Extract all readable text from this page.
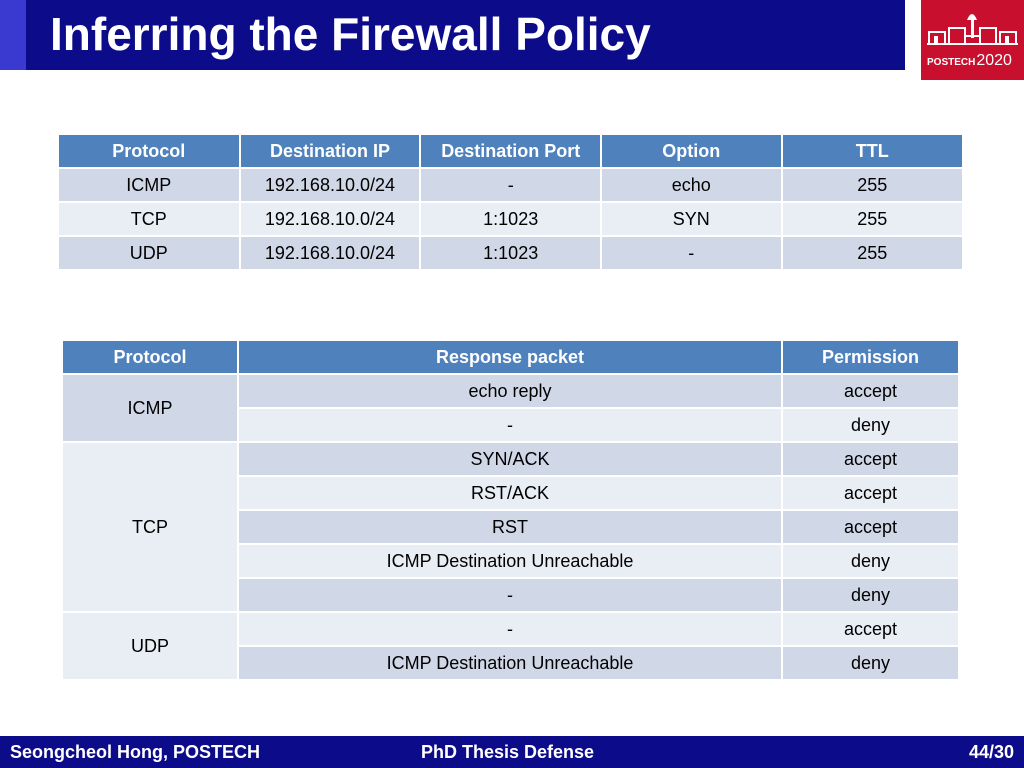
Inferring the Firewall Policy
POSTECH2020
Protocol	Destination IP	Destination Port	Option	TTL
ICMP	192.168.10.0/24	-	echo	255
TCP	192.168.10.0/24	1:1023	SYN	255
UDP	192.168.10.0/24	1:1023	-	255
Protocol	Response packet	Permission
ICMP	echo reply	accept
	-	deny
TCP	SYN/ACK	accept
	RST/ACK	accept
	RST	accept
	ICMP Destination Unreachable	deny
	-	deny
UDP	-	accept
	ICMP Destination Unreachable	deny
Seongcheol Hong, POSTECH	PhD Thesis Defense	44/30
